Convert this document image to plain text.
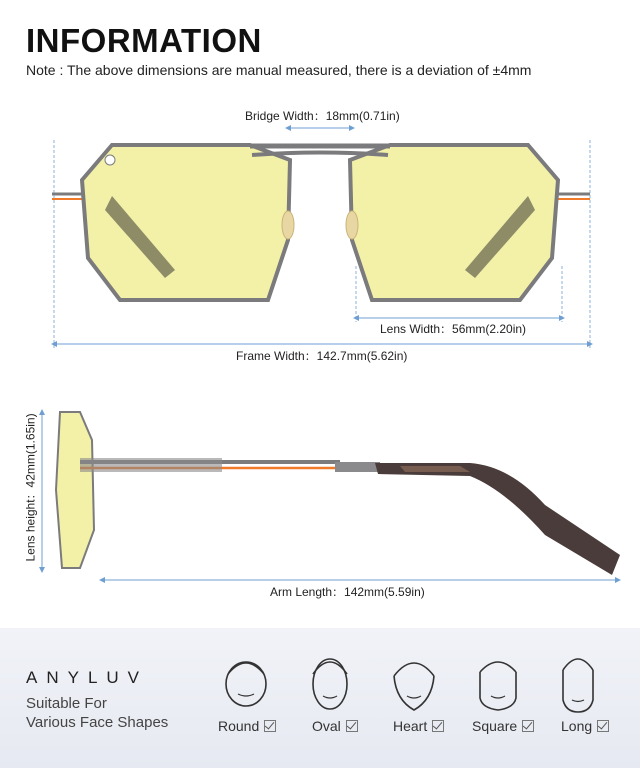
INFORMATION
Note : The above dimensions are manual measured, there is a deviation of ±4mm
Bridge Width：18mm(0.71in)
Lens Width：56mm(2.20in)
Frame Width：142.7mm(5.62in)
Lens height：42mm(1.65in)
Arm Length：142mm(5.59in)
ANYLUV
Suitable For
Various Face Shapes	Round	Oval	Heart	Square	Long
